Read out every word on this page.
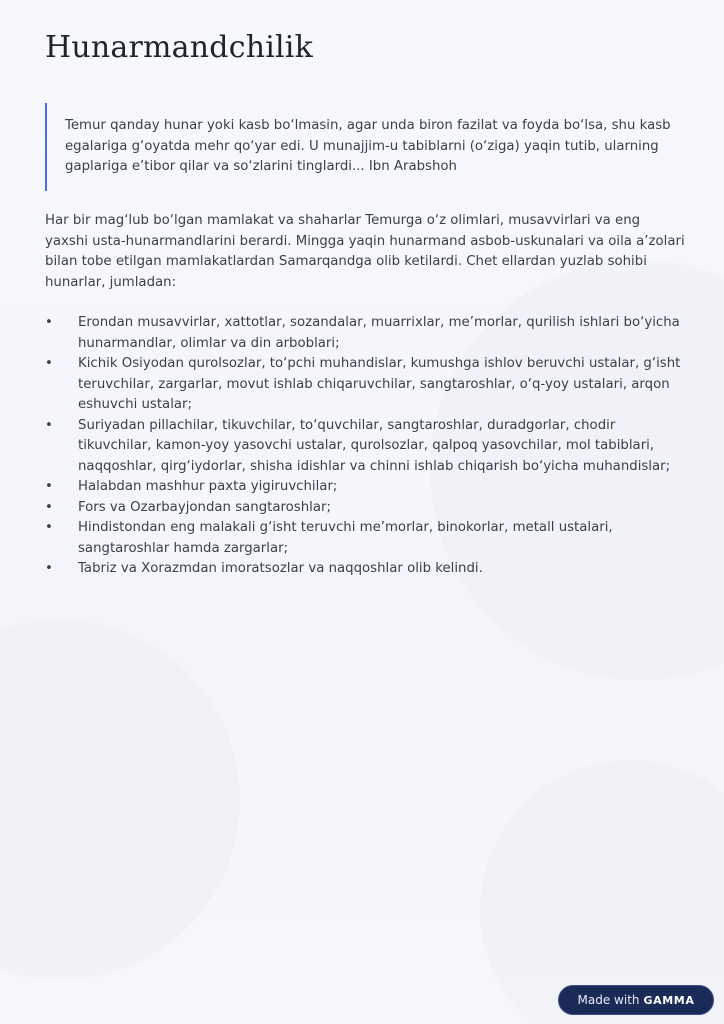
Hunarmandchilik

Temur qanday hunar yoki kasb bo‘lmasin, agar unda biron fazilat va foyda bo‘lsa, shu kasb egalariga g‘oyatda mehr qo‘yar edi. U munajjim-u tabiblarni (o‘ziga) yaqin tutib, ularning gaplariga e’tibor qilar va so‘zlarini tinglardi... Ibn Arabshoh

Har bir mag‘lub bo‘lgan mamlakat va shaharlar Temurga o‘z olimlari, musavvirlari va eng yaxshi usta-hunarmandlarini berardi. Mingga yaqin hunarmand asbob-uskunalari va oila a’zolari bilan tobe etilgan mamlakatlardan Samarqandga olib ketilardi. Chet ellardan yuzlab sohibi hunarlar, jumladan:

• Erondan musavvirlar, xattotlar, sozandalar, muarrixlar, me’morlar, qurilish ishlari bo‘yicha hunarmandlar, olimlar va din arboblari;
• Kichik Osiyodan qurolsozlar, to‘pchi muhandislar, kumushga ishlov beruvchi ustalar, g‘isht teruvchilar, zargarlar, movut ishlab chiqaruvchilar, sangtaroshlar, o‘q-yoy ustalari, arqon eshuvchi ustalar;
• Suriyadan pillachilar, tikuvchilar, to‘quvchilar, sangtaroshlar, duradgorlar, chodir tikuvchilar, kamon-yoy yasovchi ustalar, qurolsozlar, qalpoq yasovchilar, mol tabiblari, naqqoshlar, qirg‘iydorlar, shisha idishlar va chinni ishlab chiqarish bo‘yicha muhandislar;
• Halabdan mashhur paxta yigiruvchilar;
• Fors va Ozarbayjondan sangtaroshlar;
• Hindistondan eng malakali g‘isht teruvchi me’morlar, binokorlar, metall ustalari, sangtaroshlar hamda zargarlar;
• Tabriz va Xorazmdan imoratsozlar va naqqoshlar olib kelindi.
Made with GAMMA
